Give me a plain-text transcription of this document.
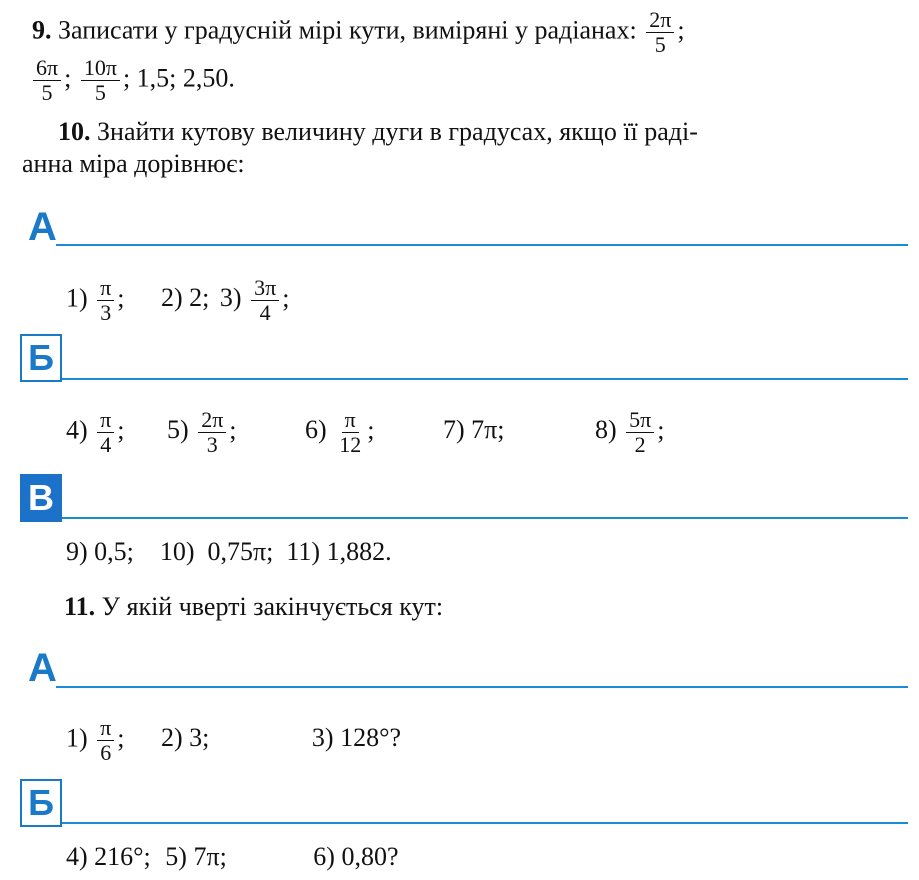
9. Записати у градусній мірі кути, виміряні у радіанах: $\frac{2\pi}{5}$ ;
$\frac{6\pi}{5}$ ; $\frac{10\pi}{5}$ ; 1,5; 2,50.
10. Знайти кутову величину дуги в градусах, якщо її раді-
анна міра дорівнює:
А
$1) \frac{\pi}{3}$ ; 2) 2; $3) \frac{3\pi}{4}$ ;
Б
$4) \frac{\pi}{4}$ ; $5) \frac{2\pi}{3}$ ;	$6) \frac{\pi}{12}$ ;	7) 7π;	$8) \frac{5\pi}{2}$ ;
В
9) 0,5;    10)  0,75π;  11) 1,882.
11. У якій чверті закінчується кут:
А
$1) \frac{\pi}{6}$ ; 2) 3;	3) 128°?
Б
4) 216°; 5) 7π;	6) 0,80?
